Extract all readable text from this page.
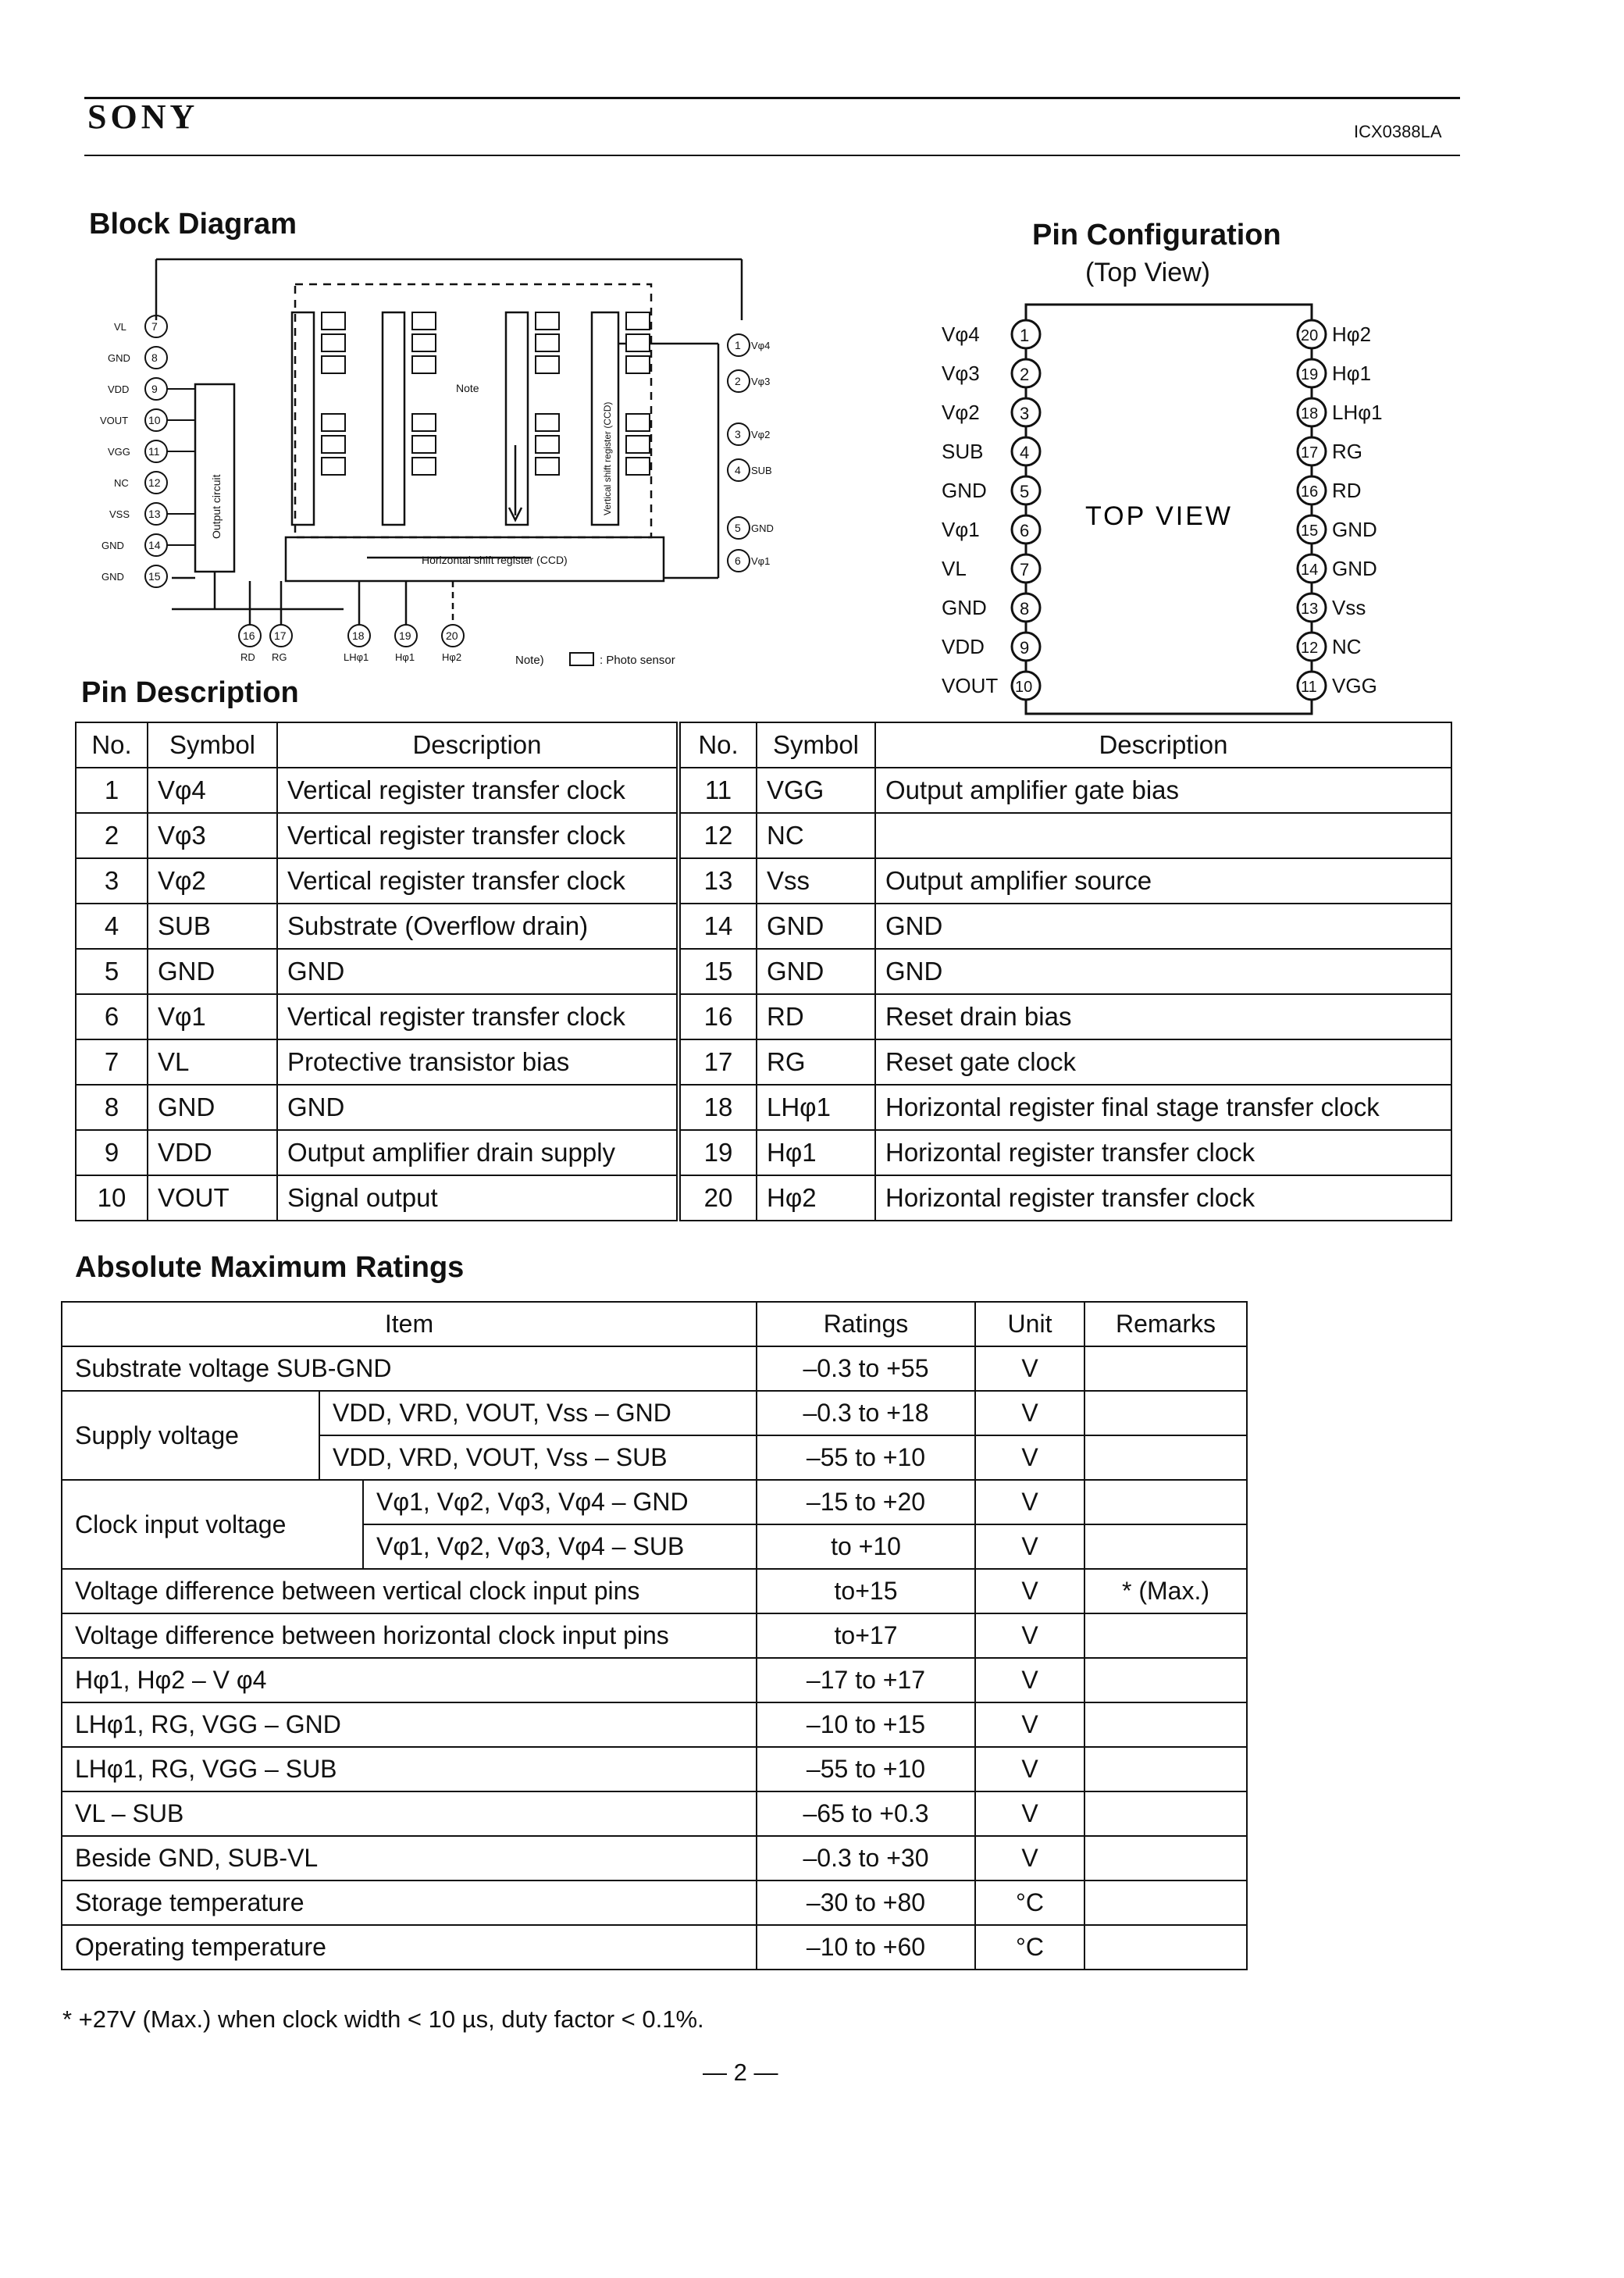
SONY	ICX0388LA
Block Diagram
7
VL
8
GND
9
VDD
10
VOUT
11
VGG
12
NC
13
VSS
14
GND
15
GND
1 Vφ4
2 Vφ3
3 Vφ2
4 SUB
5 GND
6 Vφ1
16
RD
17
RG
18
LHφ1
19
Hφ1
20
Hφ2
Output circuit	Vertical shift register (CCD)
Horizontal shift register (CCD)
Note
Note)	: Photo sensor
Pin Configuration
(Top View)
TOP VIEW
1
Vφ4
2
Vφ3
3
Vφ2
4
SUB
5
GND
6
Vφ1
7
VL
8
GND
9
VDD
10
VOUT
20 Hφ2
19 Hφ1
18 LHφ1
17 RG
16 RD
15 GND
14 GND
13 Vss
12 NC
11 VGG
Pin Description
No.	Symbol	Description	No.	Symbol	Description
1	Vφ4	Vertical register transfer clock	11	VGG	Output amplifier gate bias
2	Vφ3	Vertical register transfer clock	12	NC	
3	Vφ2	Vertical register transfer clock	13	Vss	Output amplifier source
4	SUB	Substrate (Overflow drain)	14	GND	GND
5	GND	GND	15	GND	GND
6	Vφ1	Vertical register transfer clock	16	RD	Reset drain bias
7	VL	Protective transistor bias	17	RG	Reset gate clock
8	GND	GND	18	LHφ1	Horizontal register final stage transfer clock
9	VDD	Output amplifier drain supply	19	Hφ1	Horizontal register transfer clock
10	VOUT	Signal output	20	Hφ2	Horizontal register transfer clock
Absolute Maximum Ratings
Item			Ratings	Unit	Remarks
Substrate voltage SUB-GND			–0.3 to +55	V	
Supply voltage	VDD, VRD, VOUT, Vss – GND		–0.3 to +18	V	
	VDD, VRD, VOUT, Vss – SUB		–55 to +10	V	
Clock input voltage		Vφ1, Vφ2, Vφ3, Vφ4 – GND	–15 to +20	V	
		Vφ1, Vφ2, Vφ3, Vφ4 – SUB	to +10	V	
Voltage difference between vertical clock input pins			to+15	V	* (Max.)
Voltage difference between horizontal clock input pins			to+17	V	
Hφ1, Hφ2 – V φ4			–17 to +17	V	
LHφ1, RG, VGG – GND			–10 to +15	V	
LHφ1, RG, VGG – SUB			–55 to +10	V	
VL – SUB			–65 to +0.3	V	
Beside GND, SUB-VL			–0.3 to +30	V	
Storage temperature			–30 to +80	°C	
Operating temperature			–10 to +60	°C	
* +27V (Max.) when clock width < 10 µs, duty factor < 0.1%.
— 2 —
